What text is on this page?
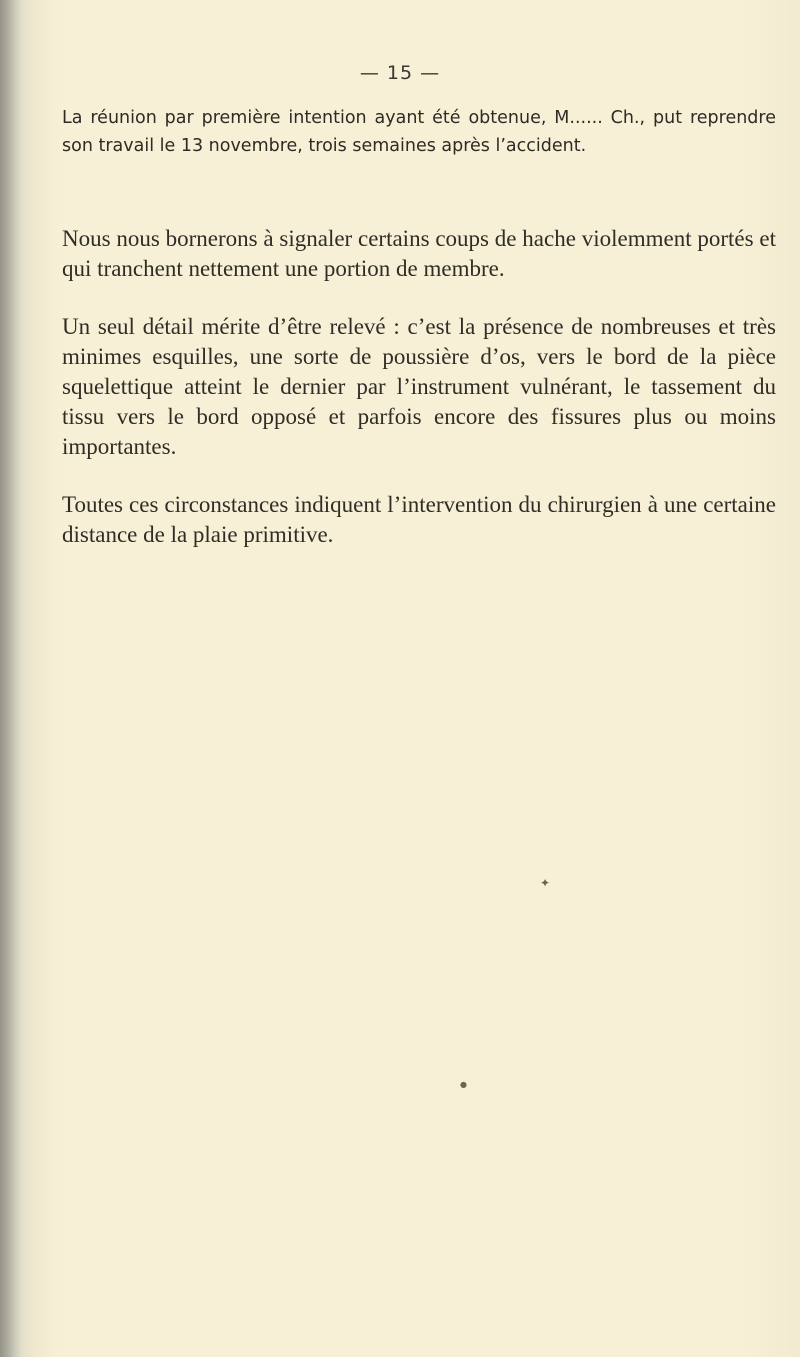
— 15 —

La réunion par première intention ayant été obtenue, M...... Ch., put reprendre son travail le 13 novembre, trois semaines après l’accident.

Nous nous bornerons à signaler certains coups de hache violemment portés et qui tranchent nettement une portion de membre.

Un seul détail mérite d’être relevé : c’est la présence de nombreuses et très minimes esquilles, une sorte de poussière d’os, vers le bord de la pièce squelettique atteint le dernier par l’instrument vulnérant, le tassement du tissu vers le bord opposé et parfois encore des fissures plus ou moins importantes.

Toutes ces circonstances indiquent l’intervention du chirurgien à une certaine distance de la plaie primitive.

✦
●
